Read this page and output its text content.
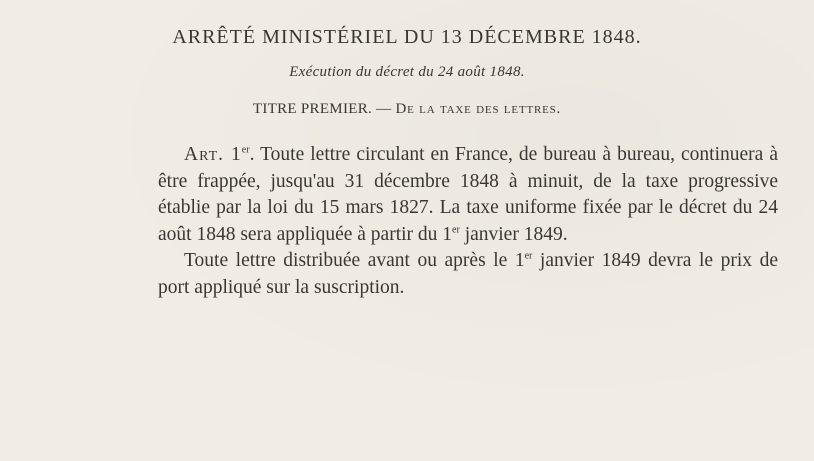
ARRÊTÉ MINISTÉRIEL DU 13 DÉCEMBRE 1848.
Exécution du décret du 24 août 1848.
TITRE PREMIER. — De la taxe des lettres.

Art. 1er. Toute lettre circulant en France, de bureau à bureau, continuera à être frappée, jusqu'au 31 décembre 1848 à minuit, de la taxe progressive établie par la loi du 15 mars 1827. La taxe uniforme fixée par le décret du 24 août 1848 sera appliquée à partir du 1er janvier 1849.

Toute lettre distribuée avant ou après le 1er janvier 1849 devra le prix de port appliqué sur la suscription.
